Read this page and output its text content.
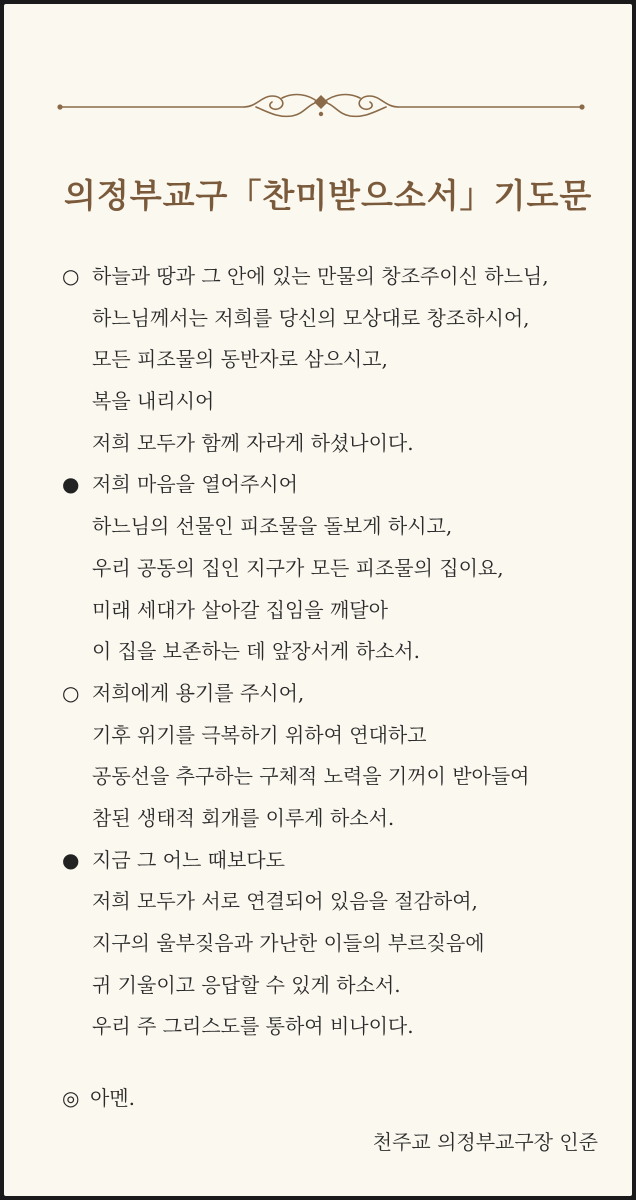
의정부교구「찬미받으소서」기도문
○ 하늘과 땅과 그 안에 있는 만물의 창조주이신 하느님,
하느님께서는 저희를 당신의 모상대로 창조하시어,
모든 피조물의 동반자로 삼으시고,
복을 내리시어
저희 모두가 함께 자라게 하셨나이다.
● 저희 마음을 열어주시어
하느님의 선물인 피조물을 돌보게 하시고,
우리 공동의 집인 지구가 모든 피조물의 집이요,
미래 세대가 살아갈 집임을 깨달아
이 집을 보존하는 데 앞장서게 하소서.
○ 저희에게 용기를 주시어,
기후 위기를 극복하기 위하여 연대하고
공동선을 추구하는 구체적 노력을 기꺼이 받아들여
참된 생태적 회개를 이루게 하소서.
● 지금 그 어느 때보다도
저희 모두가 서로 연결되어 있음을 절감하여,
지구의 울부짖음과 가난한 이들의 부르짖음에
귀 기울이고 응답할 수 있게 하소서.
우리 주 그리스도를 통하여 비나이다.
◎ 아멘.
천주교 의정부교구장 인준
